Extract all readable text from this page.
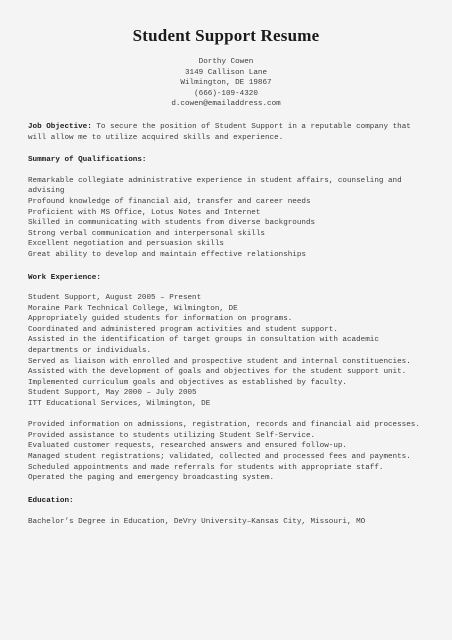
Student Support Resume
Dorthy Cowen
3149 Callison Lane
Wilmington, DE 19867
(666)-109-4320
d.cowen@emailaddress.com
Job Objective: To secure the position of Student Support in a reputable company that will allow me to utilize acquired skills and experience.
Summary of Qualifications:
Remarkable collegiate administrative experience in student affairs, counseling and advising
Profound knowledge of financial aid, transfer and career needs
Proficient with MS Office, Lotus Notes and Internet
Skilled in communicating with students from diverse backgrounds
Strong verbal communication and interpersonal skills
Excellent negotiation and persuasion skills
Great ability to develop and maintain effective relationships
Work Experience:
Student Support, August 2005 – Present
Moraine Park Technical College, Wilmington, DE
Appropriately guided students for information on programs.
Coordinated and administered program activities and student support.
Assisted in the identification of target groups in consultation with academic departments or individuals.
Served as liaison with enrolled and prospective student and internal constituencies.
Assisted with the development of goals and objectives for the student support unit.
Implemented curriculum goals and objectives as established by faculty.
Student Support, May 2000 – July 2005
ITT Educational Services, Wilmington, DE
Provided information on admissions, registration, records and financial aid processes.
Provided assistance to students utilizing Student Self-Service.
Evaluated customer requests, researched answers and ensured follow-up.
Managed student registrations; validated, collected and processed fees and payments.
Scheduled appointments and made referrals for students with appropriate staff.
Operated the paging and emergency broadcasting system.
Education:
Bachelor’s Degree in Education, DeVry University–Kansas City, Missouri, MO
